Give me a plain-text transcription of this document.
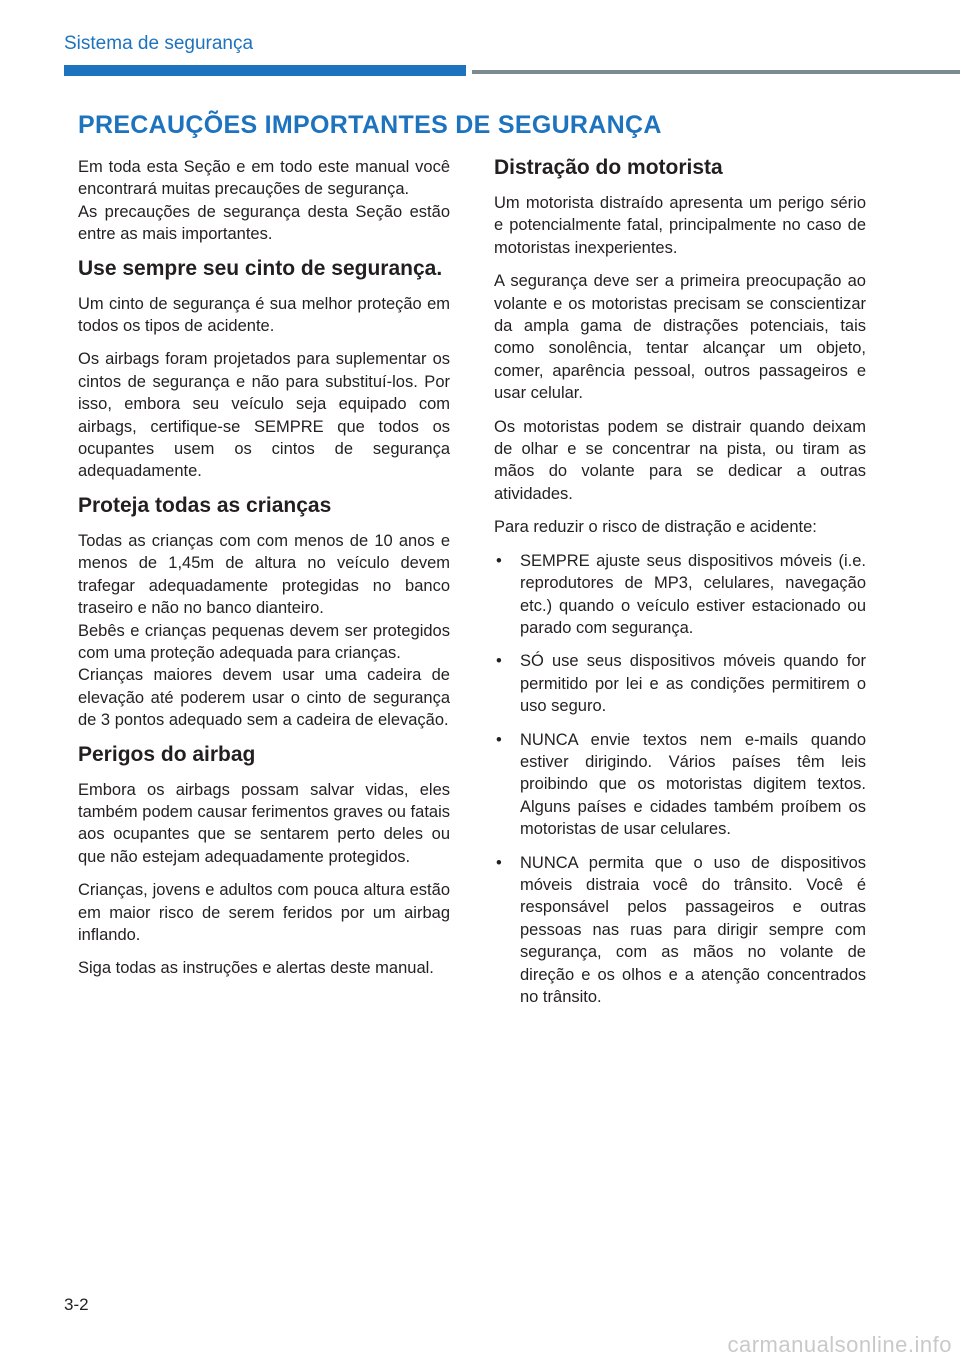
Sistema de segurança
PRECAUÇÕES IMPORTANTES DE SEGURANÇA

Em toda esta Seção e em todo este manual você encontrará muitas precauções de segurança.
As precauções de segurança desta Seção estão entre as mais importantes.

Use sempre seu cinto de segurança.

Um cinto de segurança é sua melhor proteção em todos os tipos de acidente.

Os airbags foram projetados para suplementar os cintos de segurança e não para substituí-los. Por isso, embora seu veículo seja equipado com airbags, certifique-se SEMPRE que todos os ocupantes usem os cintos de segurança adequadamente.

Proteja todas as crianças

Todas as crianças com com menos de 10 anos e menos de 1,45m de altura no veículo devem trafegar adequadamente protegidas no banco traseiro e não no banco dianteiro.
Bebês e crianças pequenas devem ser protegidos com uma proteção adequada para crianças.
Crianças maiores devem usar uma cadeira de elevação até poderem usar o cinto de segurança de 3 pontos adequado sem a cadeira de elevação.

Perigos do airbag

Embora os airbags possam salvar vidas, eles também podem causar ferimentos graves ou fatais aos ocupantes que se sentarem perto deles ou que não estejam adequadamente protegidos.

Crianças, jovens e adultos com pouca altura estão em maior risco de serem feridos por um airbag inflando.

Siga todas as instruções e alertas deste manual.

Distração do motorista

Um motorista distraído apresenta um perigo sério e potencialmente fatal, principalmente no caso de motoristas inexperientes.

A segurança deve ser a primeira preocupação ao volante e os motoristas precisam se conscientizar da ampla gama de distrações potenciais, tais como sonolência, tentar alcançar um objeto, comer, aparência pessoal, outros passageiros e usar celular.

Os motoristas podem se distrair quando deixam de olhar e se concentrar na pista, ou tiram as mãos do volante para se dedicar a outras atividades.

Para reduzir o risco de distração e acidente:

• SEMPRE ajuste seus dispositivos móveis (i.e. reprodutores de MP3, celulares, navegação etc.) quando o veículo estiver estacionado ou parado com segurança.
• SÓ use seus dispositivos móveis quando for permitido por lei e as condições permitirem o uso seguro.
• NUNCA envie textos nem e-mails quando estiver dirigindo. Vários países têm leis proibindo que os motoristas digitem textos. Alguns países e cidades também proíbem os motoristas de usar celulares.
• NUNCA permita que o uso de dispositivos móveis distraia você do trânsito. Você é responsável pelos passageiros e outras pessoas nas ruas para dirigir sempre com segurança, com as mãos no volante de direção e os olhos e a atenção concentrados no trânsito.
3-2
carmanualsonline.info
